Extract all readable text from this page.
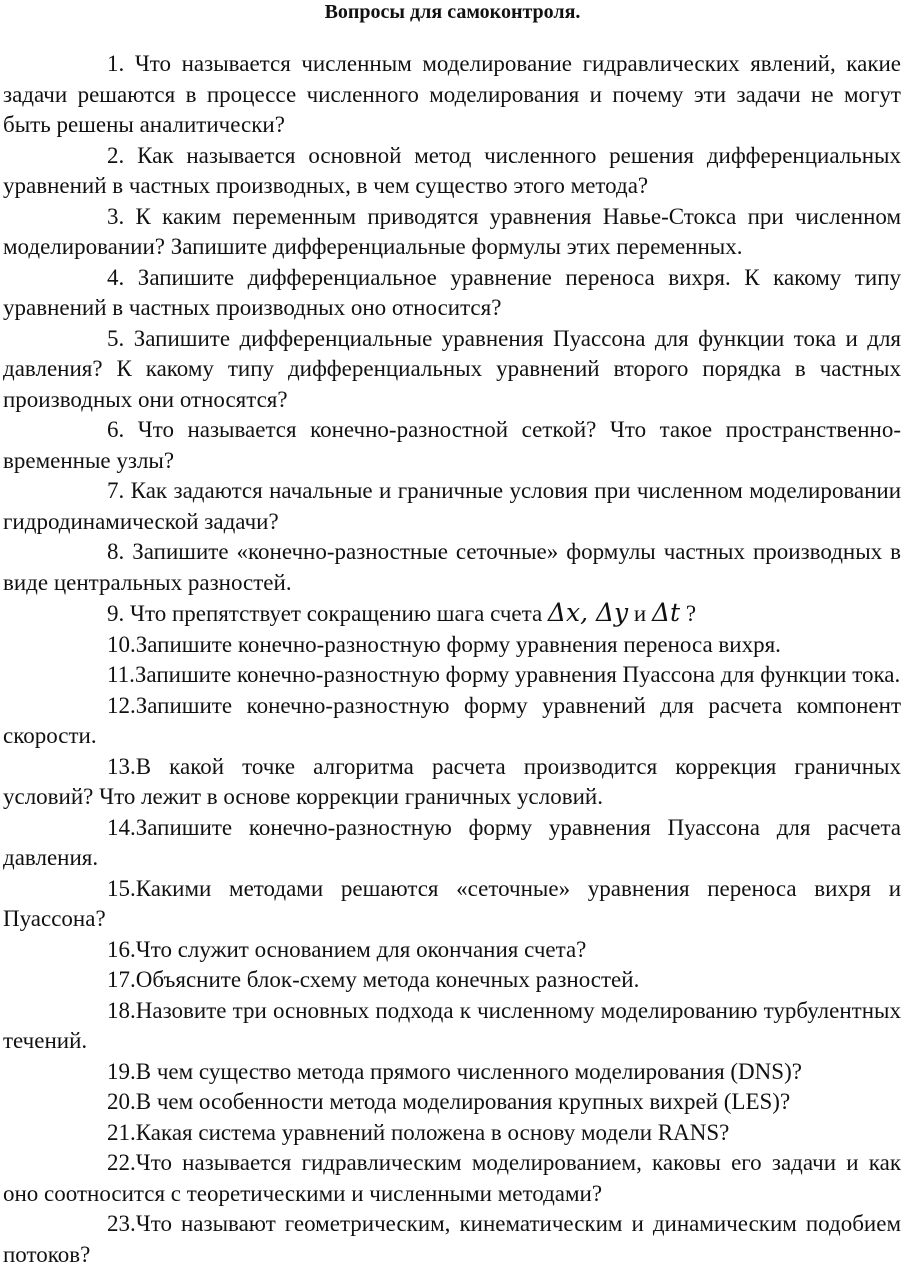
Вопросы для самоконтроля.

1. Что называется численным моделирование гидравлических явлений, какие задачи решаются в процессе численного моделирования и почему эти задачи не могут быть решены аналитически?

2. Как называется основной метод численного решения дифференциальных уравнений в частных производных, в чем существо этого метода?

3. К каким переменным приводятся уравнения Навье-Стокса при численном моделировании? Запишите дифференциальные формулы этих переменных.

4. Запишите дифференциальное уравнение переноса вихря. К какому типу уравнений в частных производных оно относится?

5. Запишите дифференциальные уравнения Пуассона для функции тока и для давления? К какому типу дифференциальных уравнений второго порядка в частных производных они относятся?

6. Что называется конечно-разностной сеткой? Что такое пространственно-временные узлы?

7. Как задаются начальные и граничные условия при численном моделировании гидродинамической задачи?

8. Запишите «конечно-разностные сеточные» формулы частных производных в виде центральных разностей.

9. Что препятствует сокращению шага счета Δx, Δy и Δt ?

10.Запишите конечно-разностную форму уравнения переноса вихря.

11.Запишите конечно-разностную форму уравнения Пуассона для функции тока.

12.Запишите конечно-разностную форму уравнений для расчета компонент скорости.

13.В какой точке алгоритма расчета производится коррекция граничных условий? Что лежит в основе коррекции граничных условий.

14.Запишите конечно-разностную форму уравнения Пуассона для расчета давления.

15.Какими методами решаются «сеточные» уравнения переноса вихря и Пуассона?

16.Что служит основанием для окончания счета?

17.Объясните блок-схему метода конечных разностей.

18.Назовите три основных подхода к численному моделированию турбулентных течений.

19.В чем существо метода прямого численного моделирования (DNS)?

20.В чем особенности метода моделирования крупных вихрей (LES)?

21.Какая система уравнений положена в основу модели RANS?

22.Что называется гидравлическим моделированием, каковы его задачи и как оно соотносится с теоретическими и численными методами?

23.Что называют геометрическим, кинематическим и динамическим подобием потоков?
